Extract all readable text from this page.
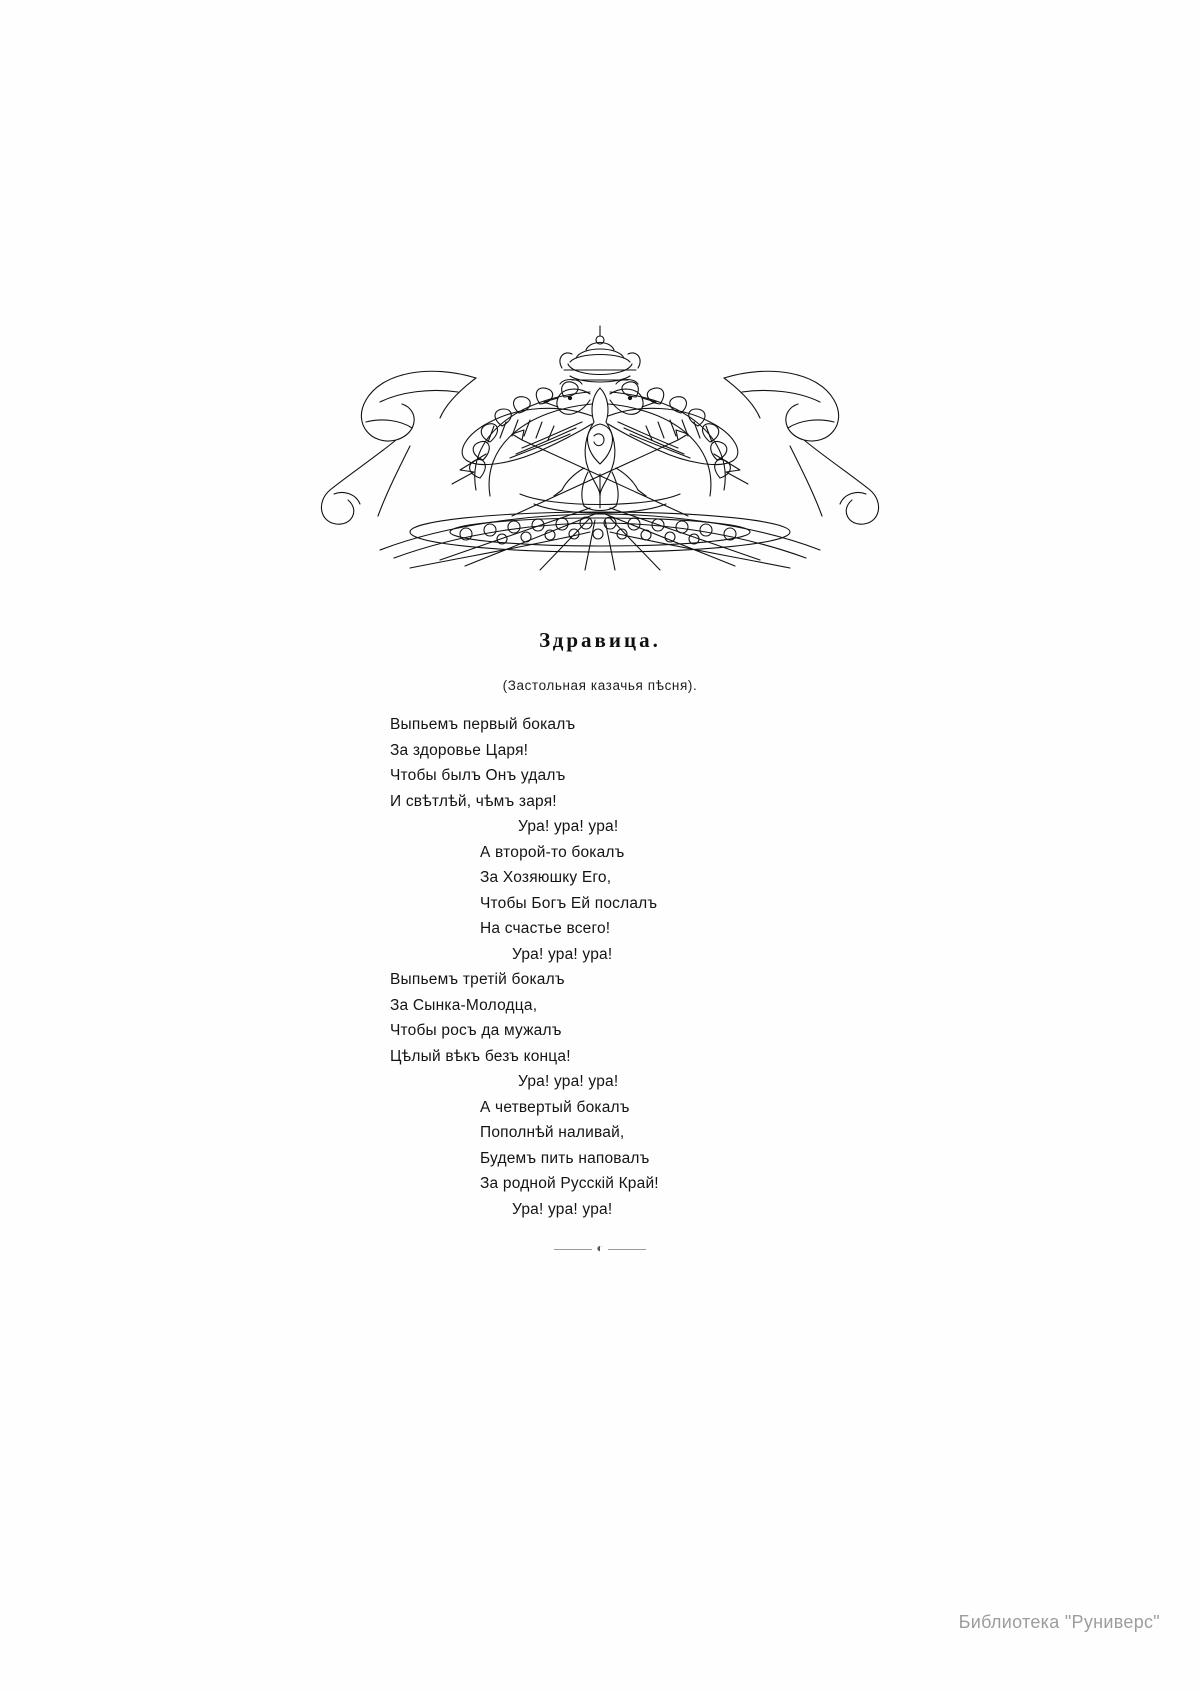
Здравица.
(Застольная казачья пѣсня).
Выпьемъ первый бокалъ
За здоровье Царя!
Чтобы былъ Онъ удалъ
И свѣтлѣй, чѣмъ заря!
Ура! ура! ура!
А второй-то бокалъ
За Хозяюшку Его,
Чтобы Богъ Ей послалъ
На счастье всего!
Ура! ура! ура!
Выпьемъ третій бокалъ
За Сынка-Молодца,
Чтобы росъ да мужалъ
Цѣлый вѣкъ безъ конца!
Ура! ура! ура!
А четвертый бокалъ
Пополнѣй наливай,
Будемъ пить наповалъ
За родной Русскій Край!
Ура! ура! ура!
◐
Библиотека "Руниверс"
